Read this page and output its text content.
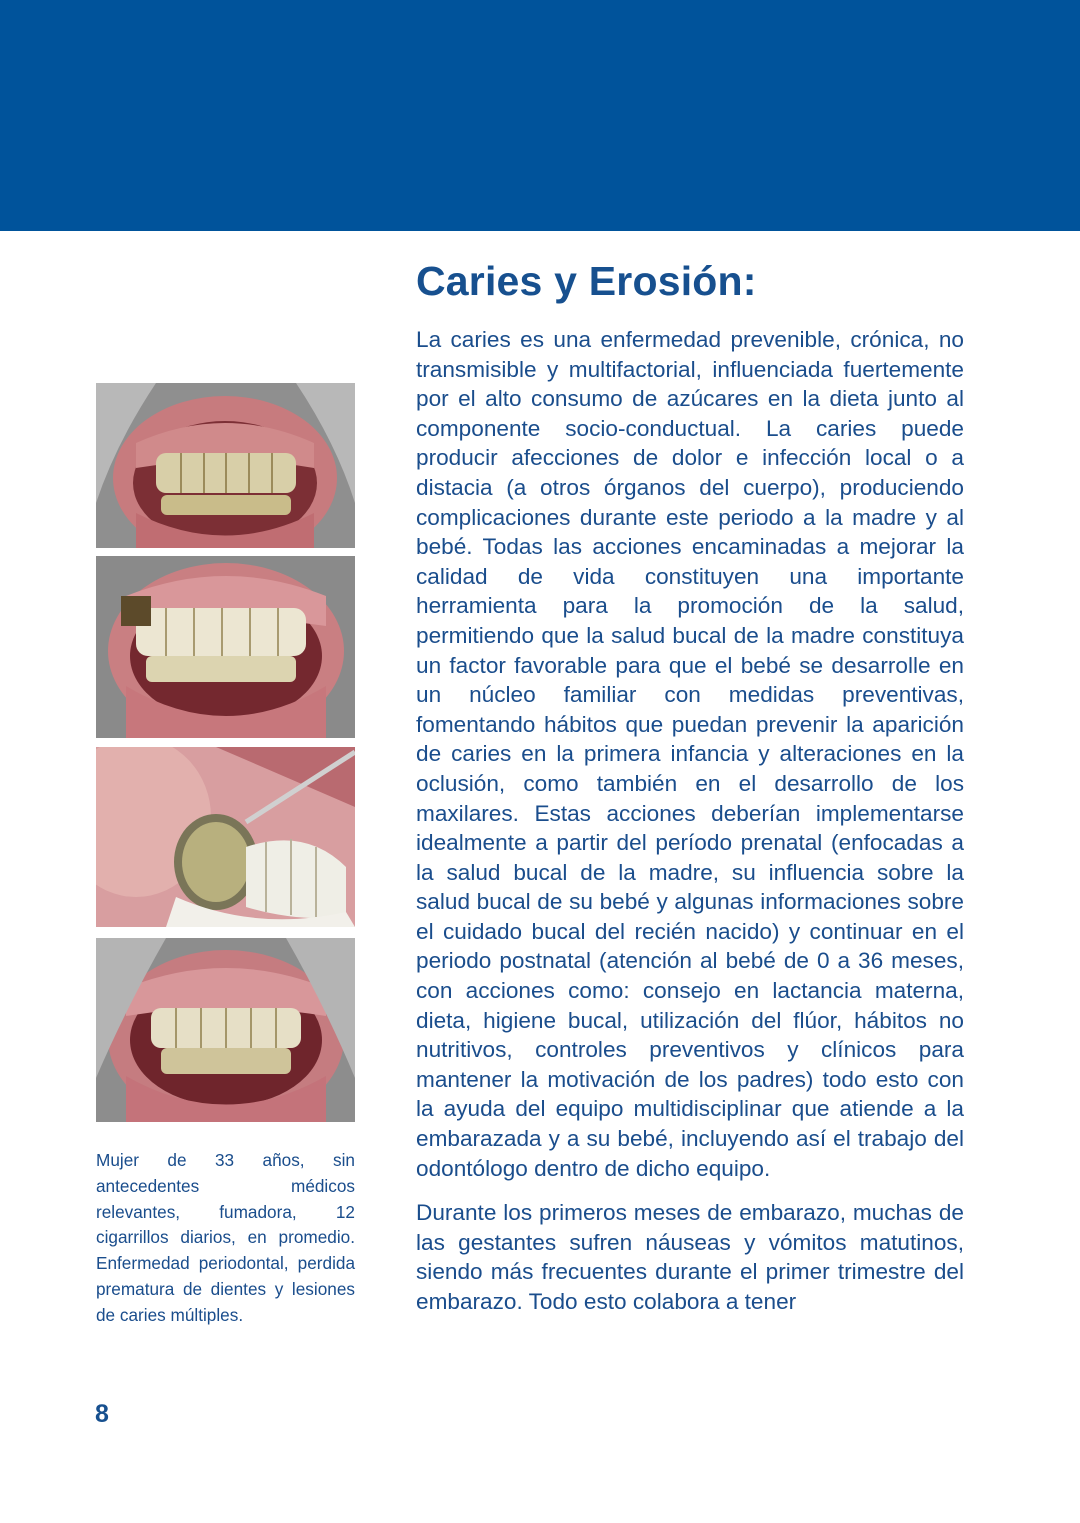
Caries y Erosión:

La caries es una enfermedad prevenible, crónica, no transmisible y multifactorial, influenciada fuertemente por el alto consumo de azúcares en la dieta junto al componente socio-conductual. La caries puede producir afecciones de dolor e infección local o a distacia (a otros órganos del cuerpo), produciendo complicaciones durante este periodo a la madre y al bebé. Todas las acciones encaminadas a mejorar la calidad de vida constituyen una importante herramienta para la promoción de la salud, permitiendo que la salud bucal de la madre constituya un factor favorable para que el bebé se desarrolle en un núcleo familiar con medidas preventivas, fomentando hábitos que puedan prevenir la aparición de caries en la primera infancia y alteraciones en la oclusión, como también en el desarrollo de los maxilares. Estas acciones deberían implementarse idealmente a partir del período prenatal (enfocadas a la salud bucal de la madre, su influencia sobre la salud bucal de su bebé y algunas informaciones sobre el cuidado bucal del recién nacido) y continuar en el periodo postnatal (atención al bebé de 0 a 36 meses, con acciones como: consejo en lactancia materna, dieta, higiene bucal, utilización del flúor, hábitos no nutritivos, controles preventivos y clínicos para mantener la motivación de los padres) todo esto con la ayuda del equipo multidisciplinar que atiende a la embarazada y a su bebé, incluyendo así el trabajo del odontólogo dentro de dicho equipo.

Durante los primeros meses de embarazo, muchas de las gestantes sufren náuseas y vómitos matutinos, siendo más frecuentes durante el primer trimestre del embarazo. Todo esto colabora a tener

Mujer de 33 años, sin antecedentes médicos relevantes, fumadora, 12 cigarrillos diarios, en promedio. Enfermedad periodontal, perdida prematura de dientes y lesiones de caries múltiples.

8
